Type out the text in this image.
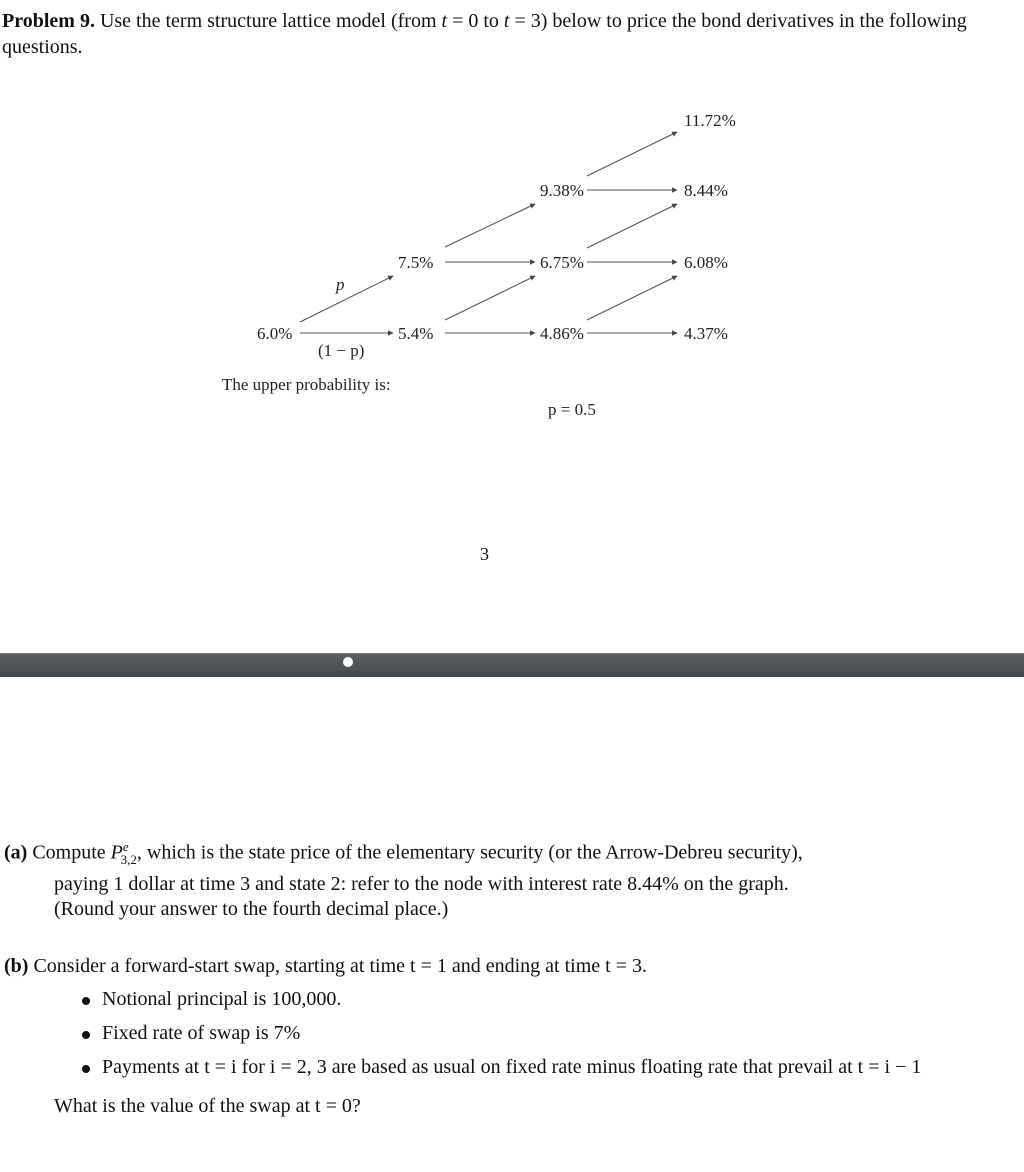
Problem 9. Use the term structure lattice model (from t = 0 to t = 3) below to price the bond derivatives in the following questions.
6.0%
7.5%
5.4%
9.38%
6.75%
4.86%
11.72%
8.44%
6.08%
4.37%
p
(1 − p)
The upper probability is:
p = 0.5
3
(a) Compute $P^e_{3,2}$, which is the state price of the elementary security (or the Arrow-Debreu security),
paying 1 dollar at time 3 and state 2: refer to the node with interest rate 8.44% on the graph.
(Round your answer to the fourth decimal place.)
(b) Consider a forward-start swap, starting at time t = 1 and ending at time t = 3.
Notional principal is 100,000.
Fixed rate of swap is 7%
Payments at t = i for i = 2, 3 are based as usual on fixed rate minus floating rate that prevail at t = i − 1
What is the value of the swap at t = 0?
